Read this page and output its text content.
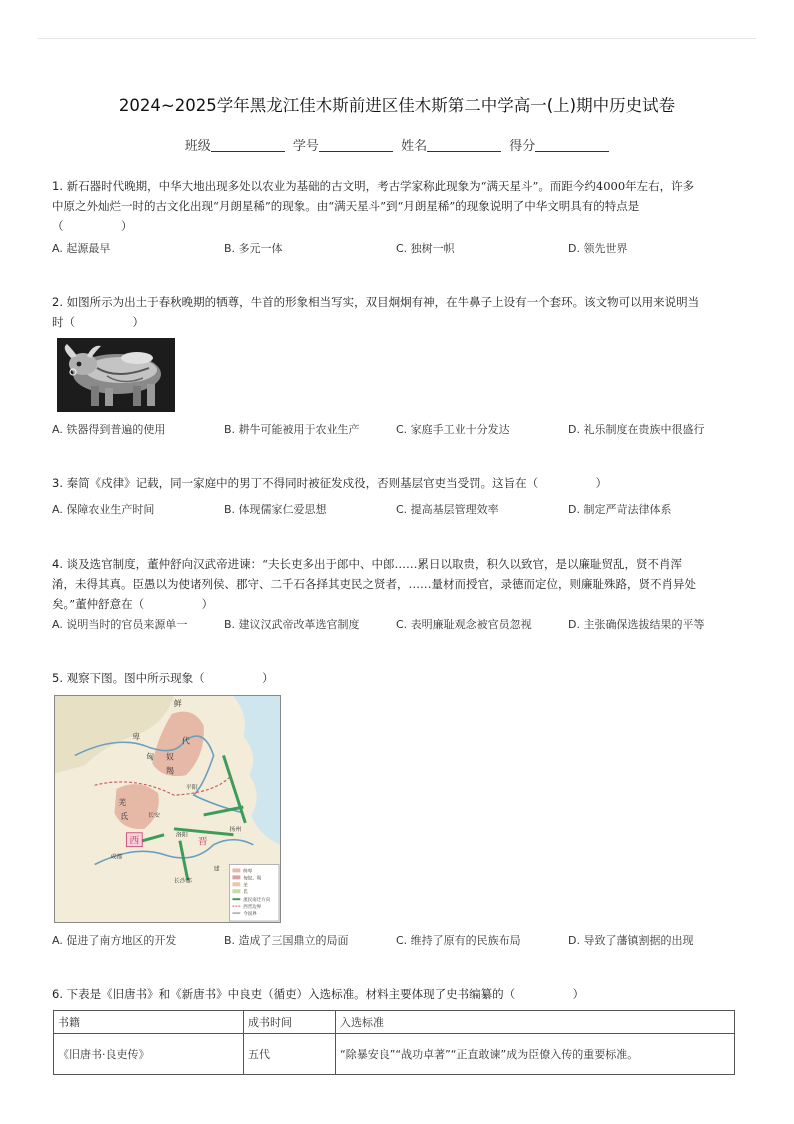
2024~2025学年黑龙江佳木斯前进区佳木斯第二中学高一(上)期中历史试卷
班级	学号	姓名	得分
1. 新石器时代晚期，中华大地出现多处以农业为基础的古文明，考古学家称此现象为“满天星斗”。而距今约4000年左右，许多
中原之外灿烂一时的古文化出现“月朗星稀”的现象。由“满天星斗”到“月朗星稀”的现象说明了中华文明具有的特点是
（　　　　　）
A. 起源最早	B. 多元一体	C. 独树一帜	D. 领先世界
2. 如图所示为出土于春秋晚期的牺尊，牛首的形象相当写实，双目炯炯有神，在牛鼻子上设有一个套环。该文物可以用来说明当
时（　　　　　）
A. 铁器得到普遍的使用	B. 耕牛可能被用于农业生产	C. 家庭手工业十分发达	D. 礼乐制度在贵族中很盛行
3. 秦简《戍律》记载，同一家庭中的男丁不得同时被征发戍役，否则基层官吏当受罚。这旨在（　　　　　）
A. 保障农业生产时间	B. 体现儒家仁爱思想	C. 提高基层管理效率	D. 制定严苛法律体系
4. 谈及选官制度，董仲舒向汉武帝进谏：“夫长吏多出于郎中、中郎……累日以取贵，积久以致官，是以廉耻贸乱，贤不肖浑
淆，未得其真。臣愚以为使诸列侯、郡守、二千石各择其吏民之贤者，……量材而授官，录德而定位，则廉耻殊路，贤不肖异处
矣。”董仲舒意在（　　　　　）
A. 说明当时的官员来源单一	B. 建议汉武帝改革选官制度	C. 表明廉耻观念被官员忽视	D. 主张确保选拔结果的平等
5. 观察下图。图中所示现象（　　　　　）
鲜
卑	代
匈 奴
羯
羌
氐
平阳
长安
洛阳
西	晋
建
长沙郡
扬州
成都
鲜卑
匈奴、羯
羌
氐
流民南迁方向
西晋边界
今国界
A. 促进了南方地区的开发	B. 造成了三国鼎立的局面	C. 维持了原有的民族布局	D. 导致了藩镇割据的出现
6. 下表是《旧唐书》和《新唐书》中良吏（循吏）入选标准。材料主要体现了史书编纂的（　　　　　）
书籍	成书时间	入选标准
《旧唐书·良吏传》	五代	“除暴安良”“战功卓著”“正直敢谏”成为臣僚入传的重要标准。
